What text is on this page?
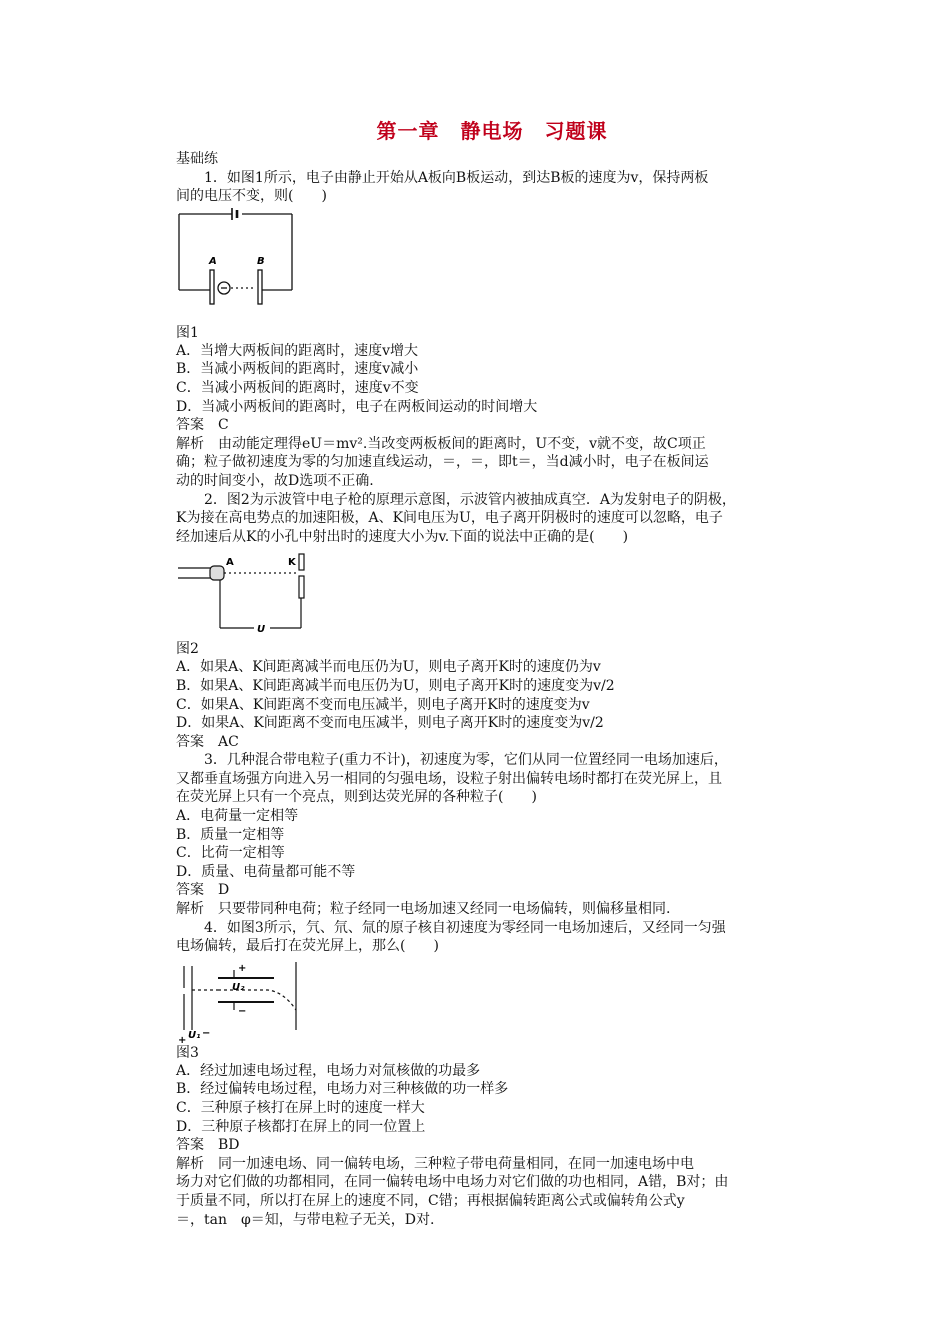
第一章　静电场　习题课

基础练

1．如图1所示，电子由静止开始从A板向B板运动，到达B板的速度为v，保持两板

间的电压不变，则(　　)

A	B

图1

A．当增大两板间的距离时，速度v增大

B．当减小两板间的距离时，速度v减小

C．当减小两板间的距离时，速度v不变

D．当减小两板间的距离时，电子在两板间运动的时间增大

答案　C

解析　由动能定理得eU＝mv².当改变两板板间的距离时，U不变，v就不变，故C项正

确；粒子做初速度为零的匀加速直线运动，＝，＝，即t＝，当d减小时，电子在板间运

动的时间变小，故D选项不正确.

2．图2为示波管中电子枪的原理示意图，示波管内被抽成真空．A为发射电子的阴极，

K为接在高电势点的加速阳极，A、K间电压为U，电子离开阴极时的速度可以忽略，电子

经加速后从K的小孔中射出时的速度大小为v.下面的说法中正确的是(　　)

A	K
U

图2

A．如果A、K间距离减半而电压仍为U，则电子离开K时的速度仍为v

B．如果A、K间距离减半而电压仍为U，则电子离开K时的速度变为v/2

C．如果A、K间距离不变而电压减半，则电子离开K时的速度变为v

D．如果A、K间距离不变而电压减半，则电子离开K时的速度变为v/2

答案　AC

3．几种混合带电粒子(重力不计)，初速度为零，它们从同一位置经同一电场加速后，

又都垂直场强方向进入另一相同的匀强电场，设粒子射出偏转电场时都打在荧光屏上，且

在荧光屏上只有一个亮点，则到达荧光屏的各种粒子(　　)

A．电荷量一定相等

B．质量一定相等

C．比荷一定相等

D．质量、电荷量都可能不等

答案　D

解析　只要带同种电荷；粒子经同一电场加速又经同一电场偏转，则偏移量相同.

4．如图3所示，氕、氘、氚的原子核自初速度为零经同一电场加速后，又经同一匀强

电场偏转，最后打在荧光屏上，那么(　　)

+
U₂
−
U₁
+
−

图3

A．经过加速电场过程，电场力对氚核做的功最多

B．经过偏转电场过程，电场力对三种核做的功一样多

C．三种原子核打在屏上时的速度一样大

D．三种原子核都打在屏上的同一位置上

答案　BD

解析　同一加速电场、同一偏转电场，三种粒子带电荷量相同，在同一加速电场中电

场力对它们做的功都相同，在同一偏转电场中电场力对它们做的功也相同，A错，B对；由

于质量不同，所以打在屏上的速度不同，C错；再根据偏转距离公式或偏转角公式y

＝，tan　φ＝知，与带电粒子无关，D对.
